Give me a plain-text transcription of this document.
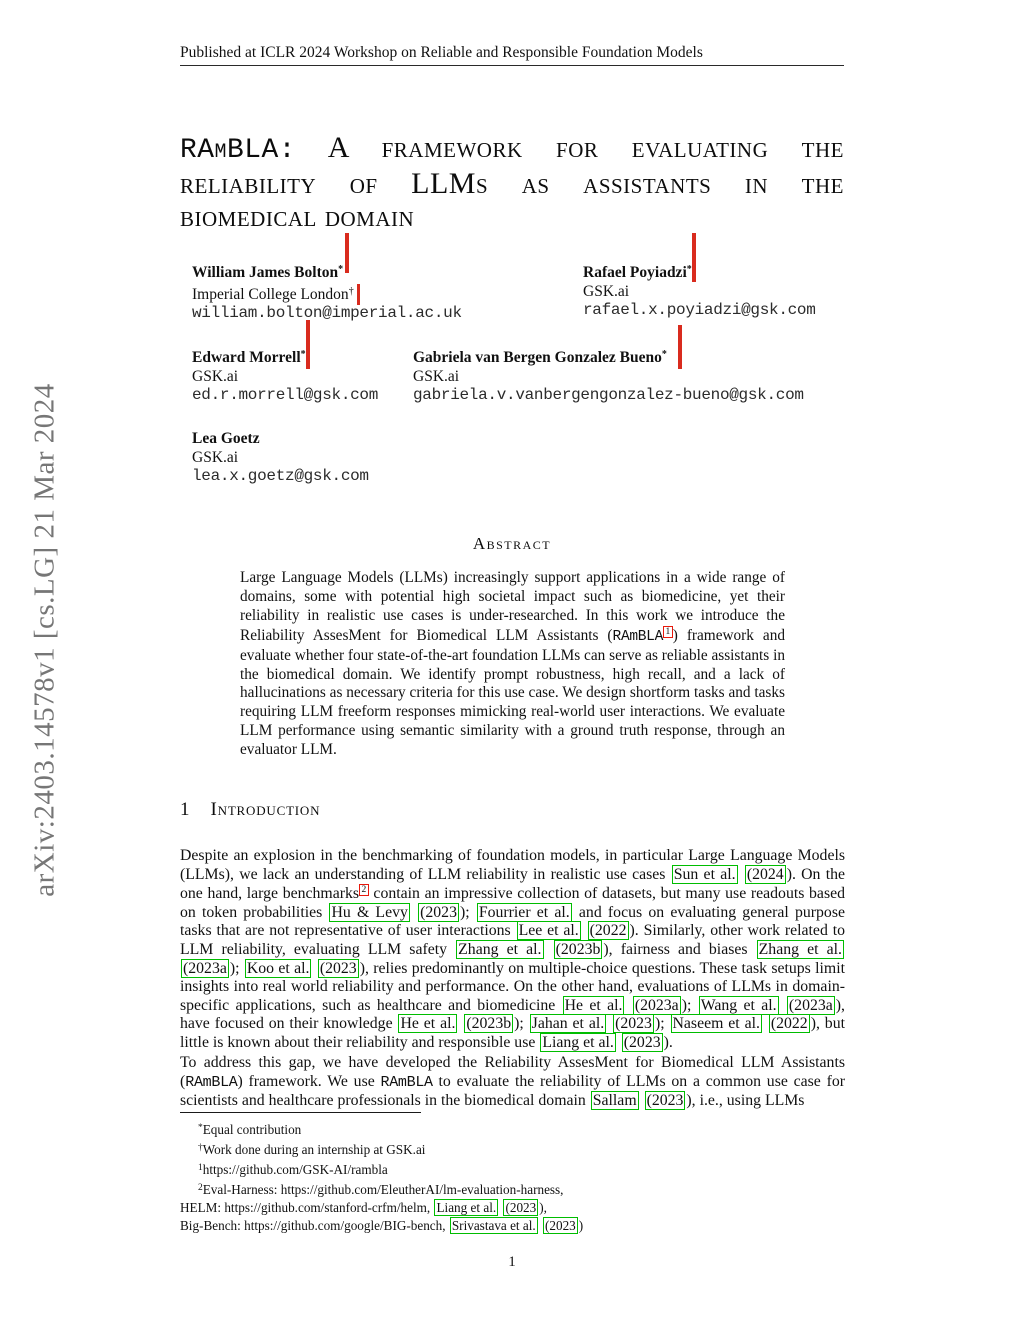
Published at ICLR 2024 Workshop on Reliable and Responsible Foundation Models
arXiv:2403.14578v1 [cs.LG] 21 Mar 2024
RAmBLA: A framework for evaluating the
reliability of LLMs as assistants in the
biomedical domain
William James Bolton*
Imperial College London†
william.bolton@imperial.ac.uk
Rafael Poyiadzi*
GSK.ai
rafael.x.poyiadzi@gsk.com
Edward Morrell*
GSK.ai
ed.r.morrell@gsk.com
Gabriela van Bergen Gonzalez Bueno*
GSK.ai
gabriela.v.vanbergengonzalez-bueno@gsk.com
Lea Goetz
GSK.ai
lea.x.goetz@gsk.com
Abstract
Large Language Models (LLMs) increasingly support applications in a wide range of domains, some with potential high societal impact such as biomedicine, yet their reliability in realistic use cases is under-researched. In this work we introduce the Reliability AssesMent for Biomedical LLM Assistants (RAmBLA 1 ) framework and evaluate whether four state-of-the-art foundation LLMs can serve as reliable assistants in the biomedical domain. We identify prompt robustness, high recall, and a lack of hallucinations as necessary criteria for this use case. We design shortform tasks and tasks requiring LLM freeform responses mimicking real-world user interactions. We evaluate LLM performance using semantic similarity with a ground truth response, through an evaluator LLM.
1 Introduction
Despite an explosion in the benchmarking of foundation models, in particular Large Language Models (LLMs), we lack an understanding of LLM reliability in realistic use cases Sun et al. (2024 ). On the one hand, large benchmarks 2 contain an impressive collection of datasets, but many use readouts based on token probabilities Hu & Levy (2023 ); Fourrier et al. and focus on evaluating general purpose tasks that are not representative of user interactions Lee et al. (2022 ). Similarly, other work related to LLM reliability, evaluating LLM safety Zhang et al. (2023b ), fairness and biases Zhang et al. (2023a ); Koo et al. (2023 ), relies predominantly on multiple-choice questions. These task setups limit insights into real world reliability and performance. On the other hand, evaluations of LLMs in domain-specific applications, such as healthcare and biomedicine He et al. (2023a ); Wang et al. (2023a ), have focused on their knowledge He et al. (2023b ); Jahan et al. (2023 ); Naseem et al. (2022 ), but little is known about their reliability and responsible use Liang et al. (2023 ).
To address this gap, we have developed the Reliability AssesMent for Biomedical LLM Assistants (RAmBLA) framework. We use RAmBLA to evaluate the reliability of LLMs on a common use case for scientists and healthcare professionals in the biomedical domain Sallam (2023 ), i.e., using LLMs
*Equal contribution
†Work done during an internship at GSK.ai
$^1$https://github.com/GSK-AI/rambla
$^2$Eval-Harness: https://github.com/EleutherAI/lm-evaluation-harness,
HELM: https://github.com/stanford-crfm/helm, Liang et al. (2023 ),
Big-Bench: https://github.com/google/BIG-bench, Srivastava et al. (2023 )
1
